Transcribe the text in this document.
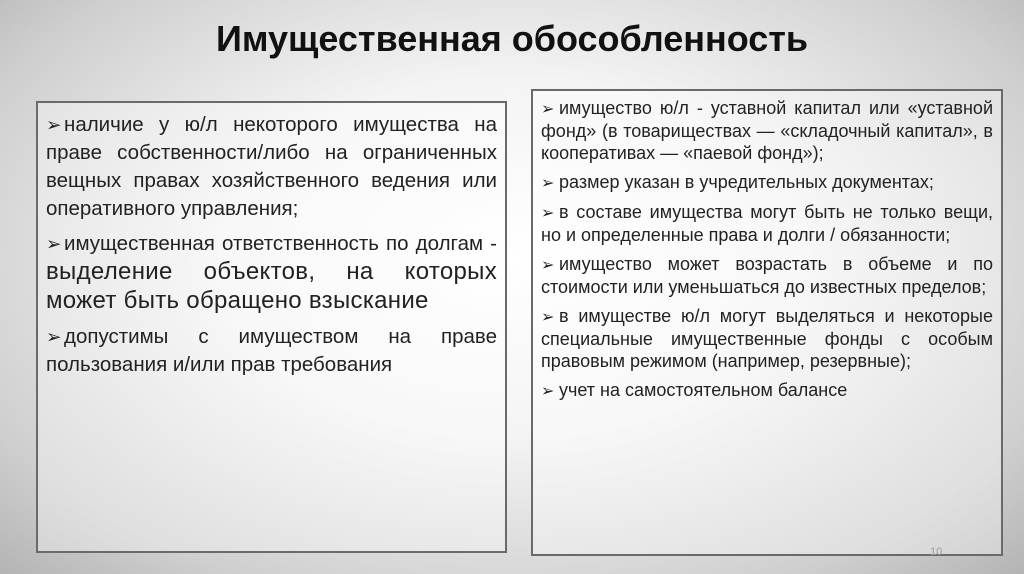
Имущественная обособленность
➢ наличие у ю/л некоторого имущества на праве собственности/либо на ограниченных вещных правах хозяйственного ведения или оперативного управления;
➢ имущественная ответственность по долгам - выделение объектов, на которых может быть обращено взыскание
➢ допустимы с имуществом на праве пользования и/или прав требования
➢ имущество ю/л - уставной капитал или «уставной фонд» (в товариществах — «складочный капитал», в кооперативах — «паевой фонд»);
➢ размер указан в учредительных документах;
➢ в составе имущества могут быть не только вещи, но и определенные права и долги / обязанности;
➢ имущество может возрастать в объеме и по стоимости или уменьшаться до известных пределов;
➢ в имуществе ю/л могут выделяться и некоторые специальные имущественные фонды с особым правовым режимом (например, резервные);
➢ учет на самостоятельном балансе
10
